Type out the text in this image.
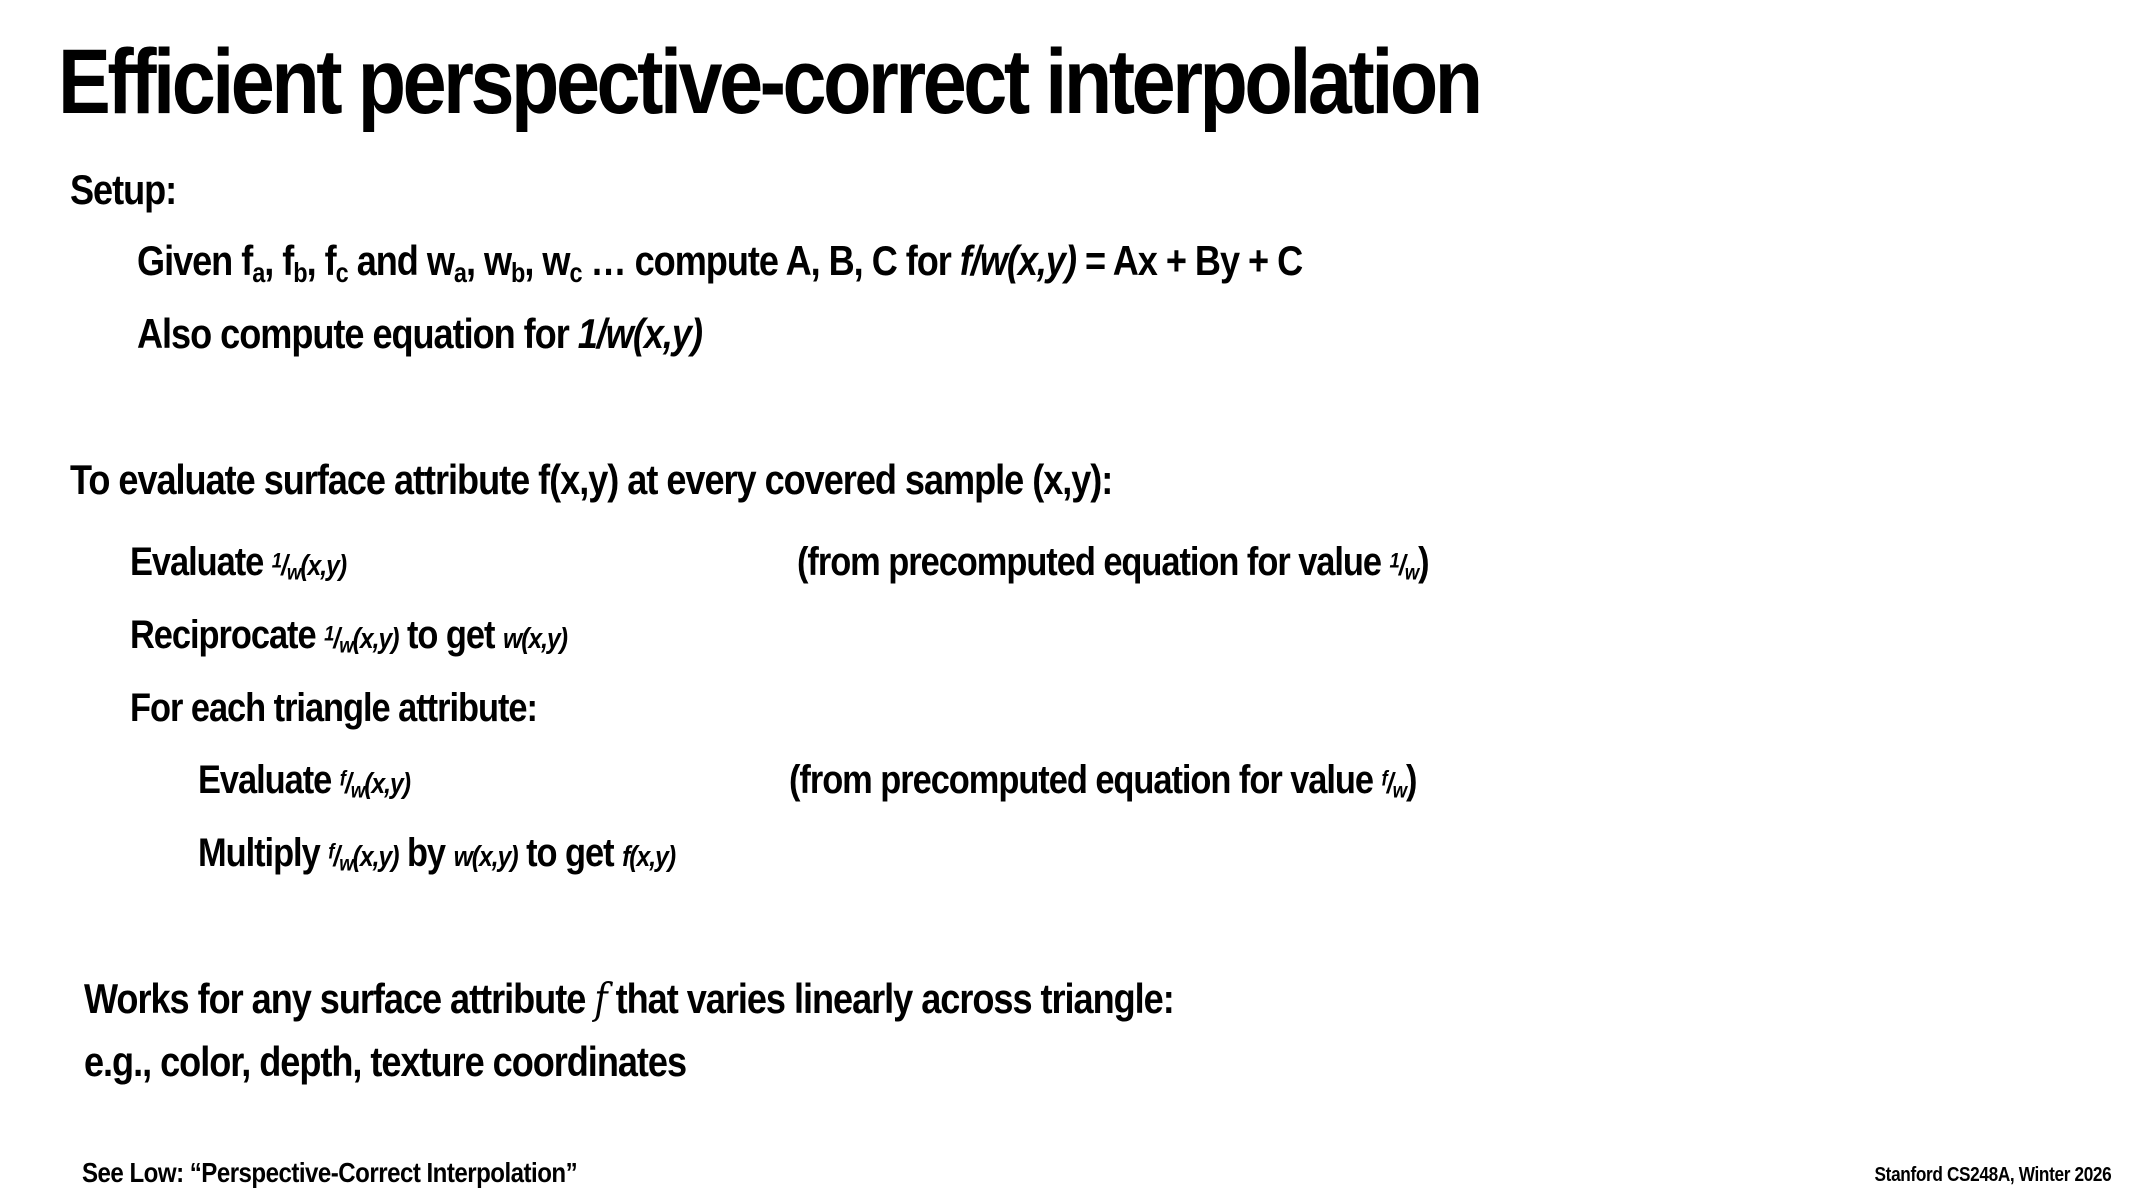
Efficient perspective-correct interpolation
Setup:
Given $f_a$, $f_b$, $f_c$ and $w_a$, $w_b$, $w_c$ … compute A, B, C for f/w(x,y) = Ax + By + C
Also compute equation for 1/w(x,y)
To evaluate surface attribute f(x,y) at every covered sample (x,y):
Evaluate $^1/_w(x,y)$	(from precomputed equation for value $^1/_w$)
Reciprocate $^1/_w(x,y)$ to get w(x,y)
For each triangle attribute:
Evaluate $^f/_w(x,y)$	(from precomputed equation for value $^f/_w$)
Multiply $^f/_w(x,y)$ by w(x,y) to get f(x,y)
Works for any surface attribute f that varies linearly across triangle:
e.g., color, depth, texture coordinates
See Low: “Perspective-Correct Interpolation”	Stanford CS248A, Winter 2026
